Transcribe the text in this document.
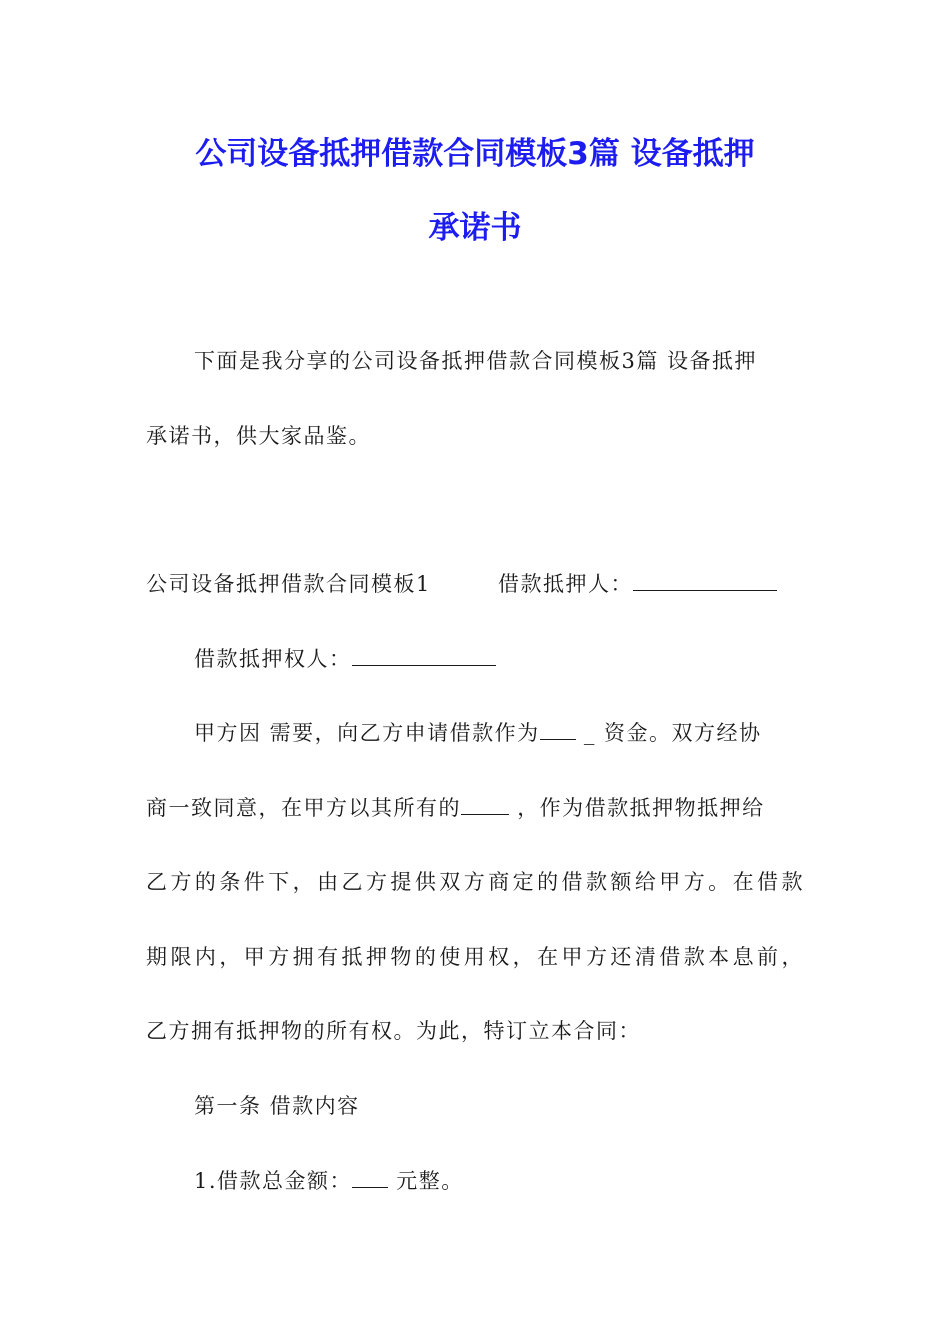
公司设备抵押借款合同模板3篇 设备抵押
承诺书

下面是我分享的公司设备抵押借款合同模板3篇 设备抵押

承诺书，供大家品鉴。

公司设备抵押借款合同模板1	借款抵押人：

借款抵押权人：

甲方因 需要，向乙方申请借款作为 _ 资金。双方经协

商一致同意，在甲方以其所有的	，作为借款抵押物抵押给

乙方的条件下，由乙方提供双方商定的借款额给甲方。在借款

期限内，甲方拥有抵押物的使用权，在甲方还清借款本息前，

乙方拥有抵押物的所有权。为此，特订立本合同：

第一条 借款内容

1.借款总金额： 元整。
